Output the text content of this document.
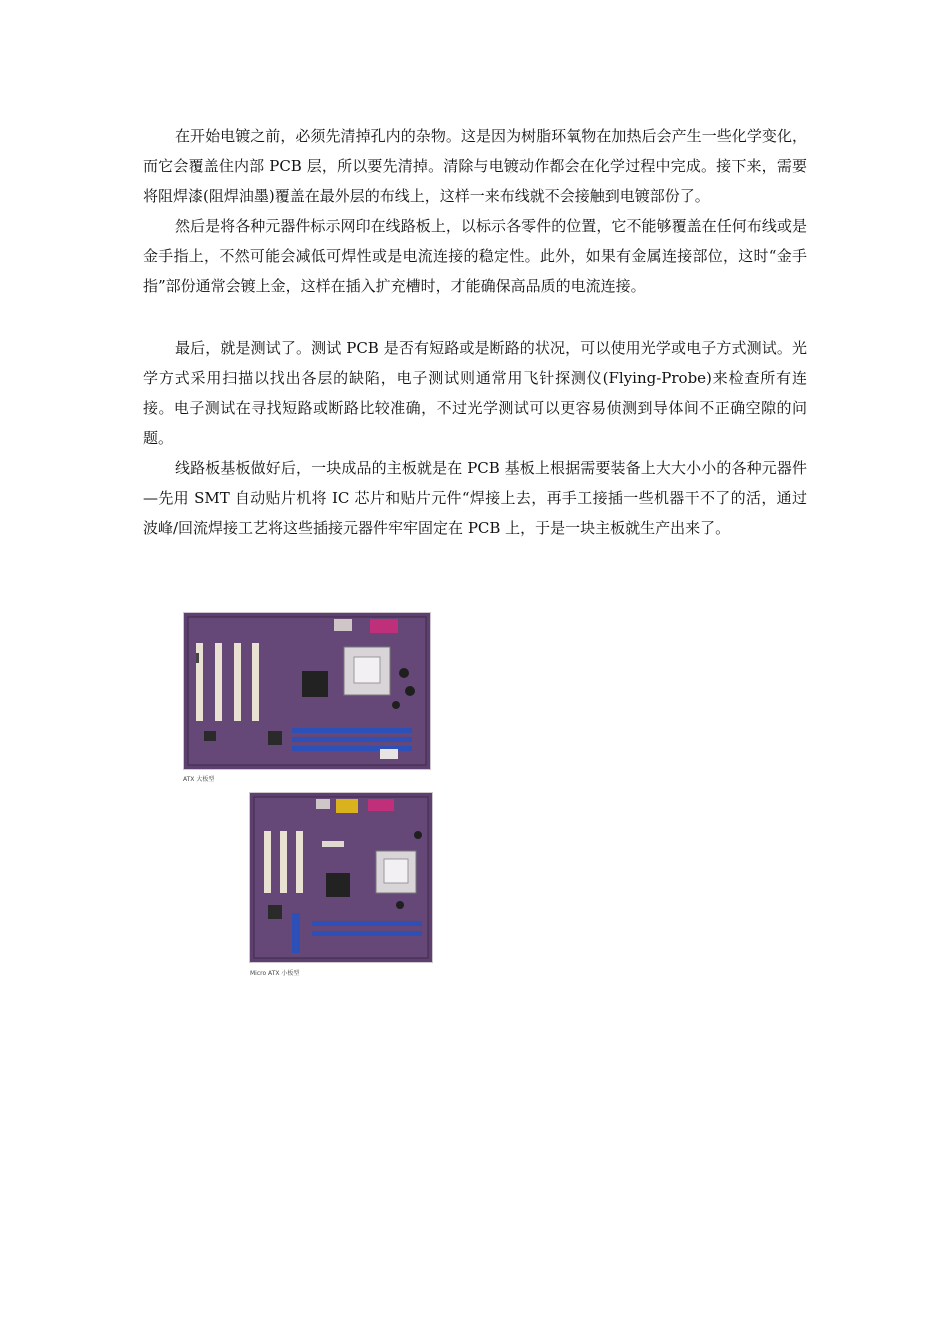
在开始电镀之前，必须先清掉孔内的杂物。这是因为树脂环氧物在加热后会产生一些化学变化，而它会覆盖住内部 PCB 层，所以要先清掉。清除与电镀动作都会在化学过程中完成。接下来，需要将阻焊漆(阻焊油墨)覆盖在最外层的布线上，这样一来布线就不会接触到电镀部份了。

然后是将各种元器件标示网印在线路板上，以标示各零件的位置，它不能够覆盖在任何布线或是金手指上，不然可能会减低可焊性或是电流连接的稳定性。此外，如果有金属连接部位，这时“金手指”部份通常会镀上金，这样在插入扩充槽时，才能确保高品质的电流连接。

最后，就是测试了。测试 PCB 是否有短路或是断路的状况，可以使用光学或电子方式测试。光学方式采用扫描以找出各层的缺陷，电子测试则通常用飞针探测仪(Flying-Probe)来检查所有连接。电子测试在寻找短路或断路比较准确，不过光学测试可以更容易侦测到导体间不正确空隙的问题。

线路板基板做好后，一块成品的主板就是在 PCB 基板上根据需要装备上大大小小的各种元器件—先用 SMT 自动贴片机将 IC 芯片和贴片元件“焊接上去，再手工接插一些机器干不了的活，通过波峰/回流焊接工艺将这些插接元器件牢牢固定在 PCB 上，于是一块主板就生产出来了。

ATX 大板型
Micro ATX 小板型
